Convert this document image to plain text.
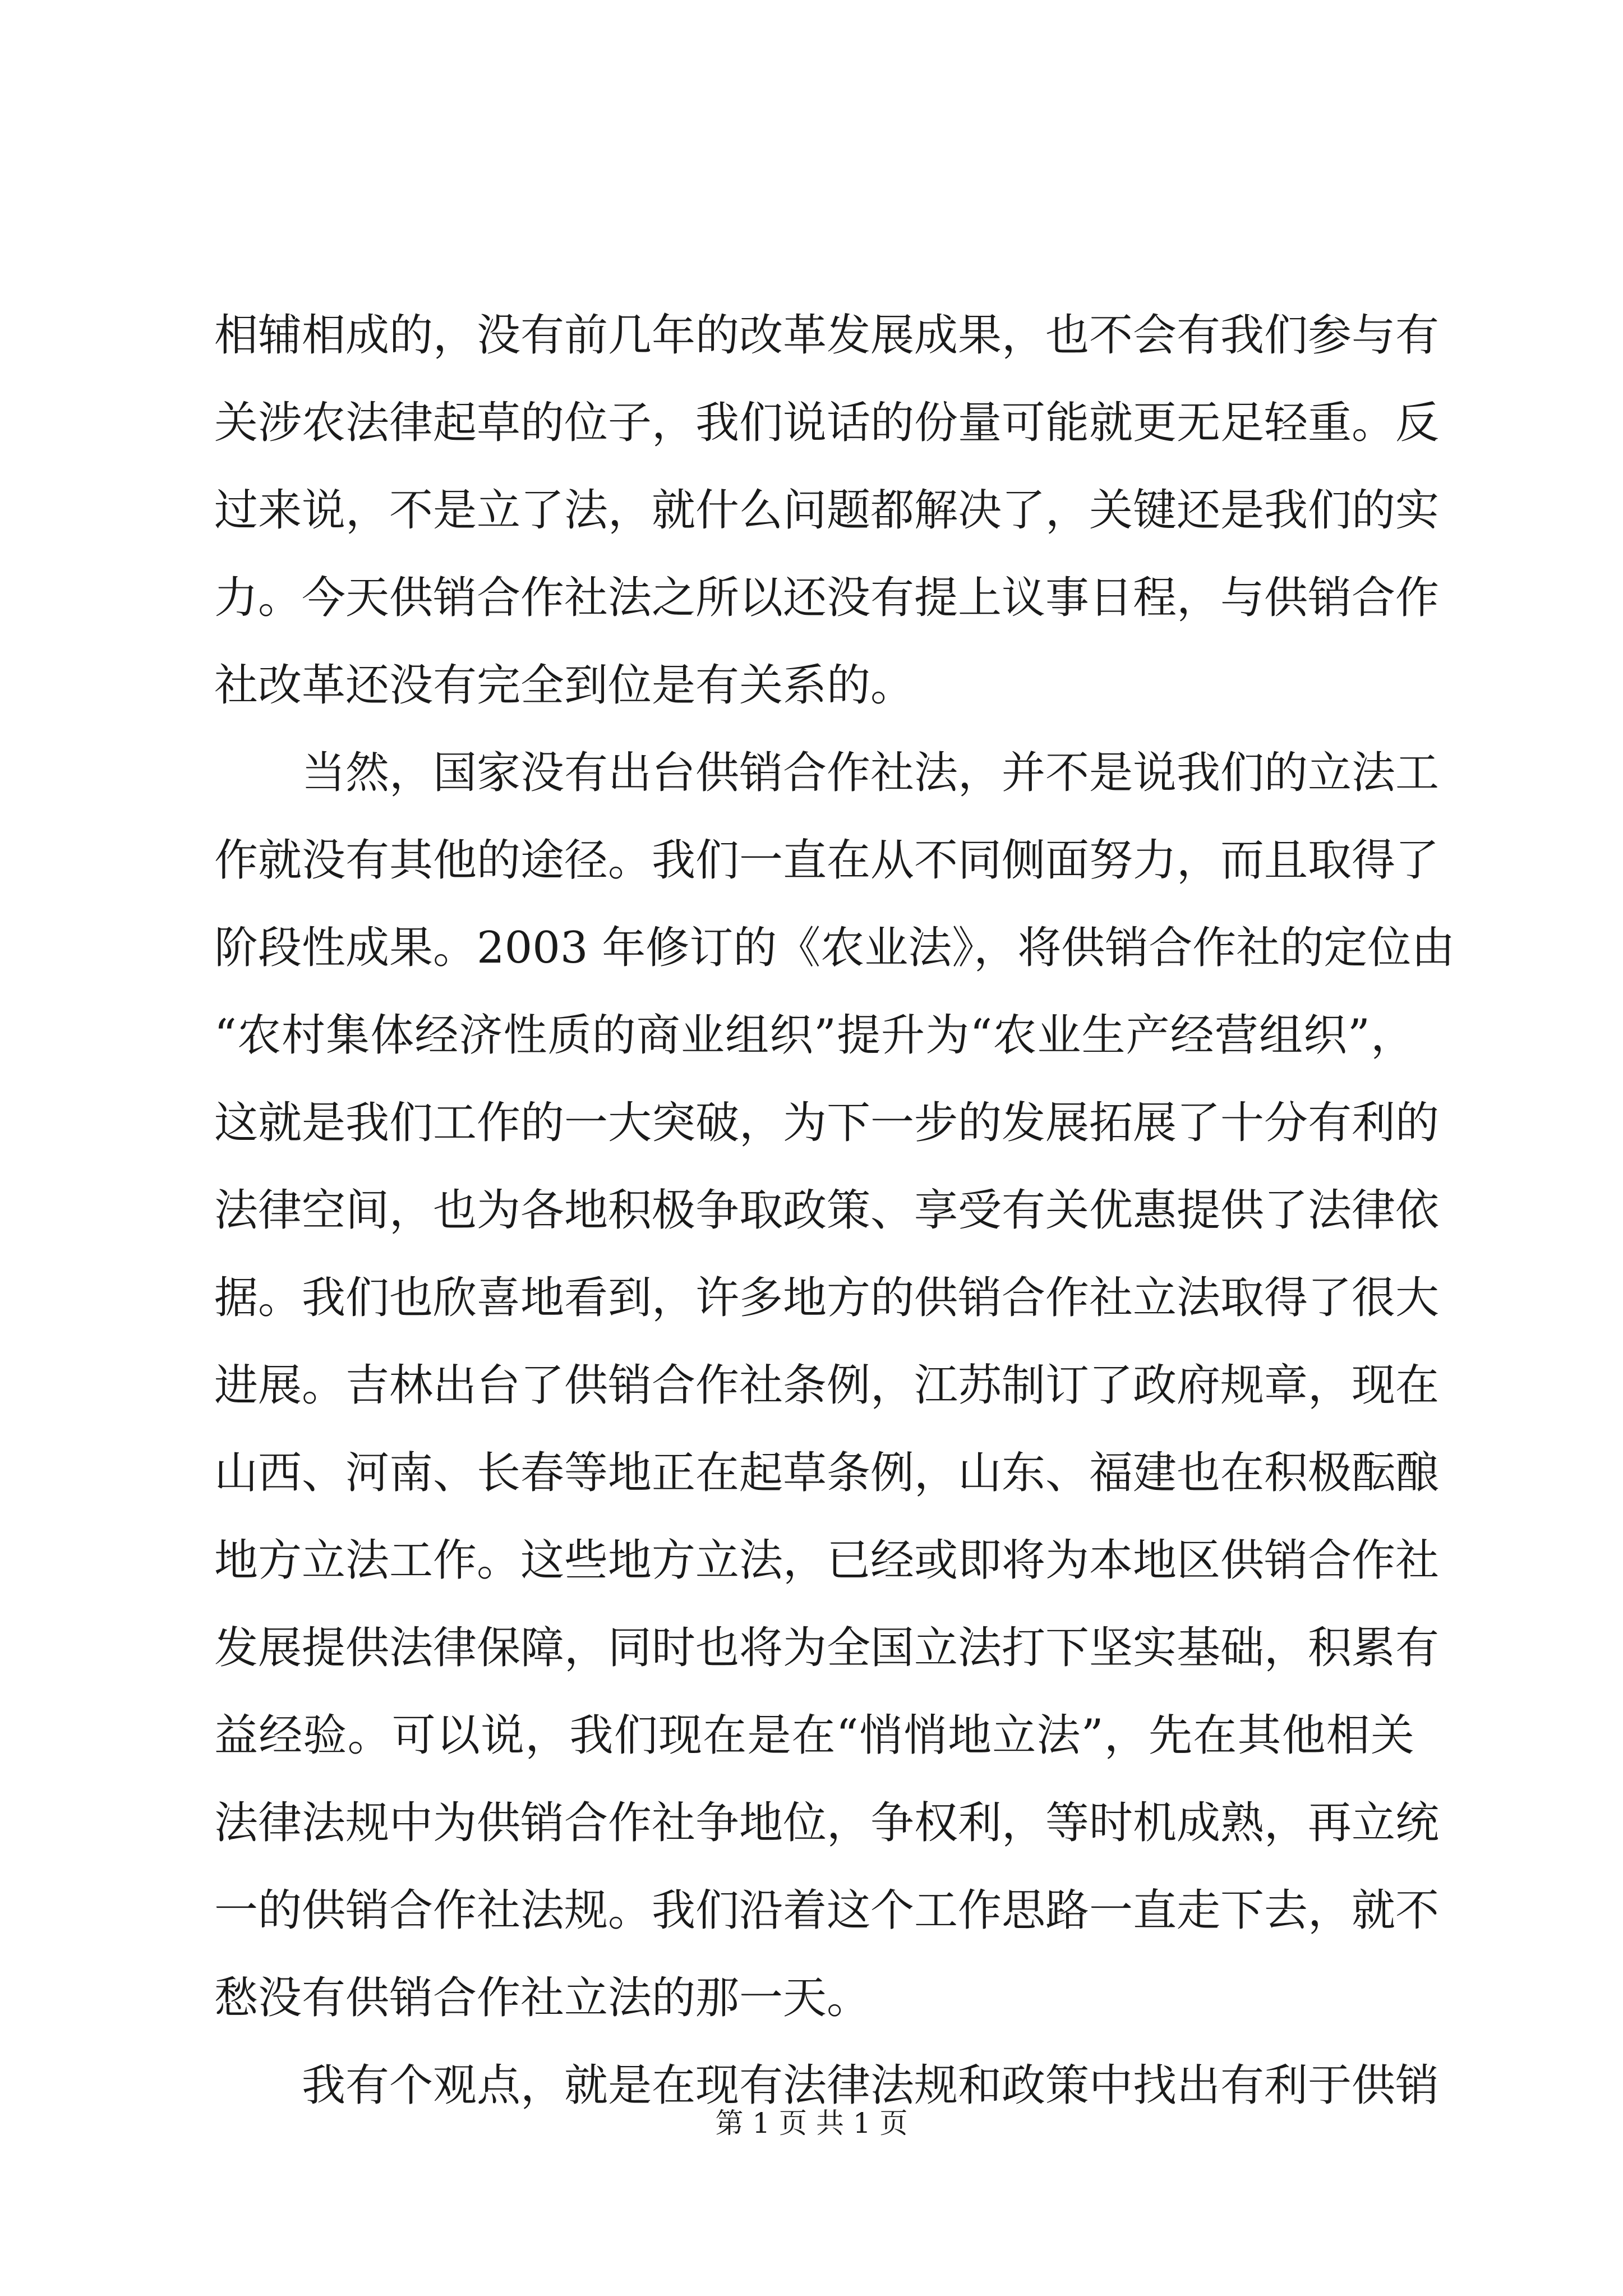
相辅相成的，没有前几年的改革发展成果，也不会有我们参与有
关涉农法律起草的位子，我们说话的份量可能就更无足轻重。反
过来说，不是立了法，就什么问题都解决了，关键还是我们的实
力。今天供销合作社法之所以还没有提上议事日程，与供销合作
社改革还没有完全到位是有关系的。
　　当然，国家没有出台供销合作社法，并不是说我们的立法工
作就没有其他的途径。我们一直在从不同侧面努力，而且取得了
阶段性成果。2003 年修订的《农业法》，将供销合作社的定位由
“农村集体经济性质的商业组织”提升为“农业生产经营组织”，
这就是我们工作的一大突破，为下一步的发展拓展了十分有利的
法律空间，也为各地积极争取政策、享受有关优惠提供了法律依
据。我们也欣喜地看到，许多地方的供销合作社立法取得了很大
进展。吉林出台了供销合作社条例，江苏制订了政府规章，现在
山西、河南、长春等地正在起草条例，山东、福建也在积极酝酿
地方立法工作。这些地方立法，已经或即将为本地区供销合作社
发展提供法律保障，同时也将为全国立法打下坚实基础，积累有
益经验。可以说，我们现在是在“悄悄地立法”，先在其他相关
法律法规中为供销合作社争地位，争权利，等时机成熟，再立统
一的供销合作社法规。我们沿着这个工作思路一直走下去，就不
愁没有供销合作社立法的那一天。
　　我有个观点，就是在现有法律法规和政策中找出有利于供销
第 1 页 共 1 页
